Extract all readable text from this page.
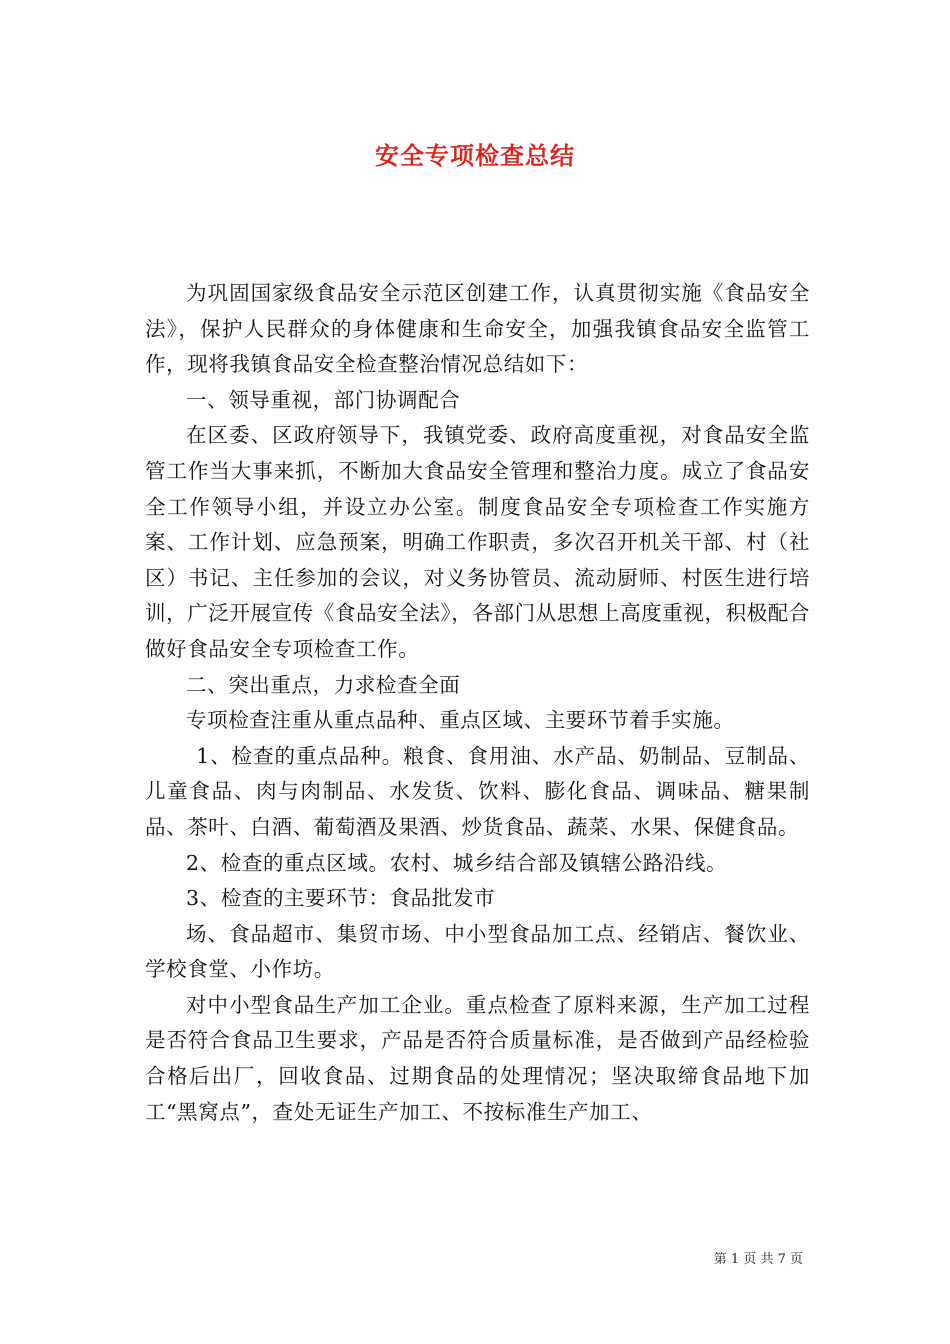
安全专项检查总结

为巩固国家级食品安全示范区创建工作，认真贯彻实施《食品安全法》，保护人民群众的身体健康和生命安全，加强我镇食品安全监管工作，现将我镇食品安全检查整治情况总结如下：

一、领导重视，部门协调配合

在区委、区政府领导下，我镇党委、政府高度重视，对食品安全监管工作当大事来抓，不断加大食品安全管理和整治力度。成立了食品安全工作领导小组，并设立办公室。制度食品安全专项检查工作实施方案、工作计划、应急预案，明确工作职责，多次召开机关干部、村（社区）书记、主任参加的会议，对义务协管员、流动厨师、村医生进行培训，广泛开展宣传《食品安全法》，各部门从思想上高度重视，积极配合做好食品安全专项检查工作。

二、突出重点，力求检查全面

专项检查注重从重点品种、重点区域、主要环节着手实施。

1、检查的重点品种。粮食、食用油、水产品、奶制品、豆制品、儿童食品、肉与肉制品、水发货、饮料、膨化食品、调味品、糖果制品、茶叶、白酒、葡萄酒及果酒、炒货食品、蔬菜、水果、保健食品。

2、检查的重点区域。农村、城乡结合部及镇辖公路沿线。

3、检查的主要环节：食品批发市

场、食品超市、集贸市场、中小型食品加工点、经销店、餐饮业、学校食堂、小作坊。

对中小型食品生产加工企业。重点检查了原料来源，生产加工过程是否符合食品卫生要求，产品是否符合质量标准，是否做到产品经检验合格后出厂，回收食品、过期食品的处理情况；坚决取缔食品地下加工“黑窝点”，查处无证生产加工、不按标准生产加工、

第 1 页 共 7 页
